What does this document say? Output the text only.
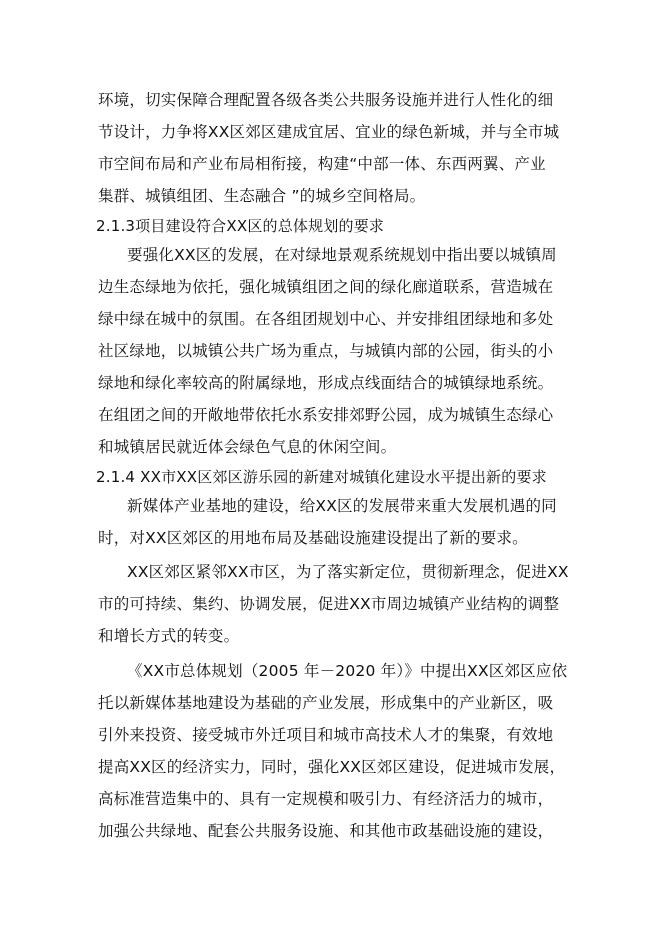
环境，切实保障合理配置各级各类公共服务设施并进行人性化的细
节设计，力争将XX区郊区建成宜居、宜业的绿色新城，并与全市城
市空间布局和产业布局相衔接，构建“中部一体、东西两翼、产业
集群、城镇组团、生态融合 ”的城乡空间格局。
2.1.3项目建设符合XX区的总体规划的要求
要强化XX区的发展，在对绿地景观系统规划中指出要以城镇周
边生态绿地为依托，强化城镇组团之间的绿化廊道联系，营造城在
绿中绿在城中的氛围。在各组团规划中心、并安排组团绿地和多处
社区绿地，以城镇公共广场为重点，与城镇内部的公园，街头的小
绿地和绿化率较高的附属绿地，形成点线面结合的城镇绿地系统。
在组团之间的开敞地带依托水系安排郊野公园，成为城镇生态绿心
和城镇居民就近体会绿色气息的休闲空间。
2.1.4 XX市XX区郊区游乐园的新建对城镇化建设水平提出新的要求
新媒体产业基地的建设，给XX区的发展带来重大发展机遇的同
时，对XX区郊区的用地布局及基础设施建设提出了新的要求。
XX区郊区紧邻XX市区，为了落实新定位，贯彻新理念，促进XX
市的可持续、集约、协调发展，促进XX市周边城镇产业结构的调整
和增长方式的转变。
《XX市总体规划（2005 年－2020 年）》中提出XX区郊区应依
托以新媒体基地建设为基础的产业发展，形成集中的产业新区，吸
引外来投资、接受城市外迁项目和城市高技术人才的集聚，有效地
提高XX区的经济实力，同时，强化XX区郊区建设，促进城市发展，
高标准营造集中的、具有一定规模和吸引力、有经济活力的城市，
加强公共绿地、配套公共服务设施、和其他市政基础设施的建设，
